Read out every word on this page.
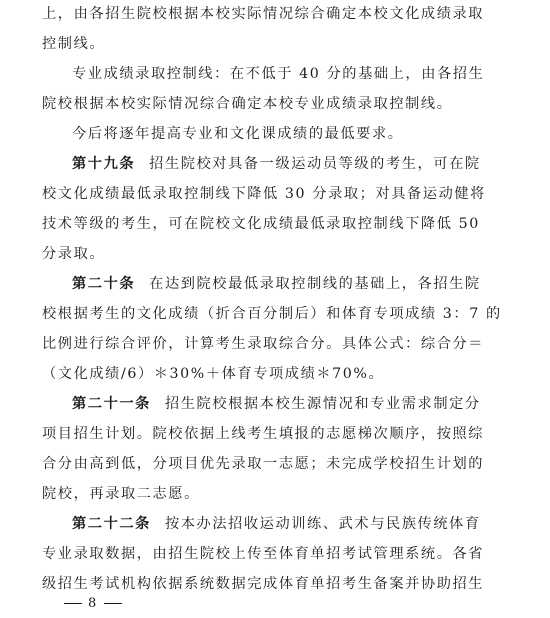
上，由各招生院校根据本校实际情况综合确定本校文化成绩录取
控制线。
专业成绩录取控制线：在不低于 40 分的基础上，由各招生
院校根据本校实际情况综合确定本校专业成绩录取控制线。
今后将逐年提高专业和文化课成绩的最低要求。
第十九条 招生院校对具备一级运动员等级的考生，可在院
校文化成绩最低录取控制线下降低 30 分录取；对具备运动健将
技术等级的考生，可在院校文化成绩最低录取控制线下降低 50
分录取。
第二十条 在达到院校最低录取控制线的基础上，各招生院
校根据考生的文化成绩（折合百分制后）和体育专项成绩 3：7 的
比例进行综合评价，计算考生录取综合分。具体公式：综合分＝
（文化成绩/6）＊30%＋体育专项成绩＊70%。
第二十一条 招生院校根据本校生源情况和专业需求制定分
项目招生计划。院校依据上线考生填报的志愿梯次顺序，按照综
合分由高到低，分项目优先录取一志愿；未完成学校招生计划的
院校，再录取二志愿。
第二十二条 按本办法招收运动训练、武术与民族传统体育
专业录取数据，由招生院校上传至体育单招考试管理系统。各省
级招生考试机构依据系统数据完成体育单招考生备案并协助招生
8
